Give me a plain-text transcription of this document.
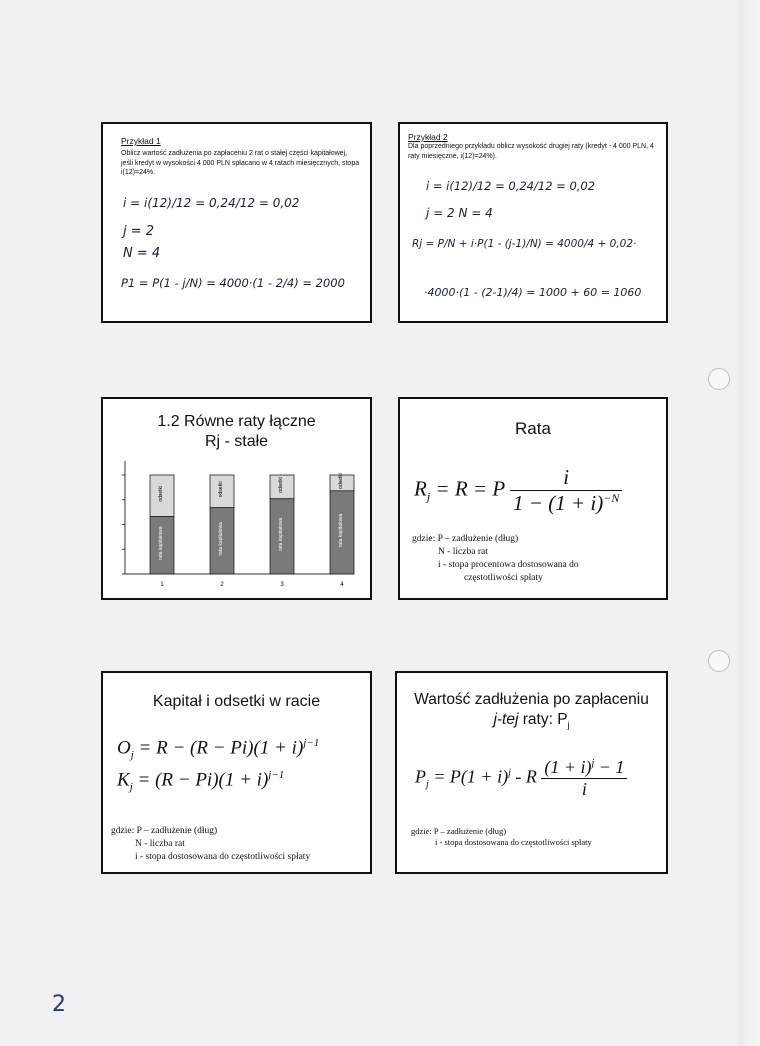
Przykład 1
Oblicz wartość zadłużenia po zapłaceniu 2 rat o stałej części kapitałowej, jeśli kredyt w wysokości 4 000 PLN spłacano w 4 ratach miesięcznych, stopa i(12)=24%.
i = i(12)/12 = 0,24/12 = 0,02
j = 2
N = 4
P1 = P(1 - j/N) = 4000·(1 - 2/4) = 2000
Przykład 2
Dla poprzedniego przykładu oblicz wysokość drugiej raty (kredyt - 4 000 PLN, 4 raty miesięczne, i(12)=24%).
i = i(12)/12 = 0,24/12 = 0,02
j = 2 N = 4
Rj = P/N + i·P(1 - (j-1)/N) = 4000/4 + 0,02·
·4000·(1 - (2-1)/4) = 1000 + 60 = 1060
1.2 Równe raty łączne
Rj - stałe
odsetki
rata kapitałowa
1
odsetki
rata kapitałowa
2
odsetki
rata kapitałowa
3
odsetki
rata kapitałowa
4
Rata
$R_j = R = P \frac{i}{1 - (1 + i)^{-N}}$
gdzie: P – zadłużenie (dług)
N - liczba rat
i - stopa procentowa dostosowana do
częstotliwości spłaty
Kapitał i odsetki w racie
$O_j = R - (R - Pi)(1 + i)^{j-1}$
$K_j = (R - Pi)(1 + i)^{j-1}$
gdzie: P – zadłużenie (dług)
N - liczba rat
i - stopa dostosowana do częstotliwości spłaty
Wartość zadłużenia po zapłaceniu
j-tej raty: $P_j$
$P_j = P(1 + i)^j - R \frac{(1 + i)^j - 1}{i}$
gdzie: P – zadłużenie (dług)
i - stopa dostosowana do częstotliwości spłaty
2
